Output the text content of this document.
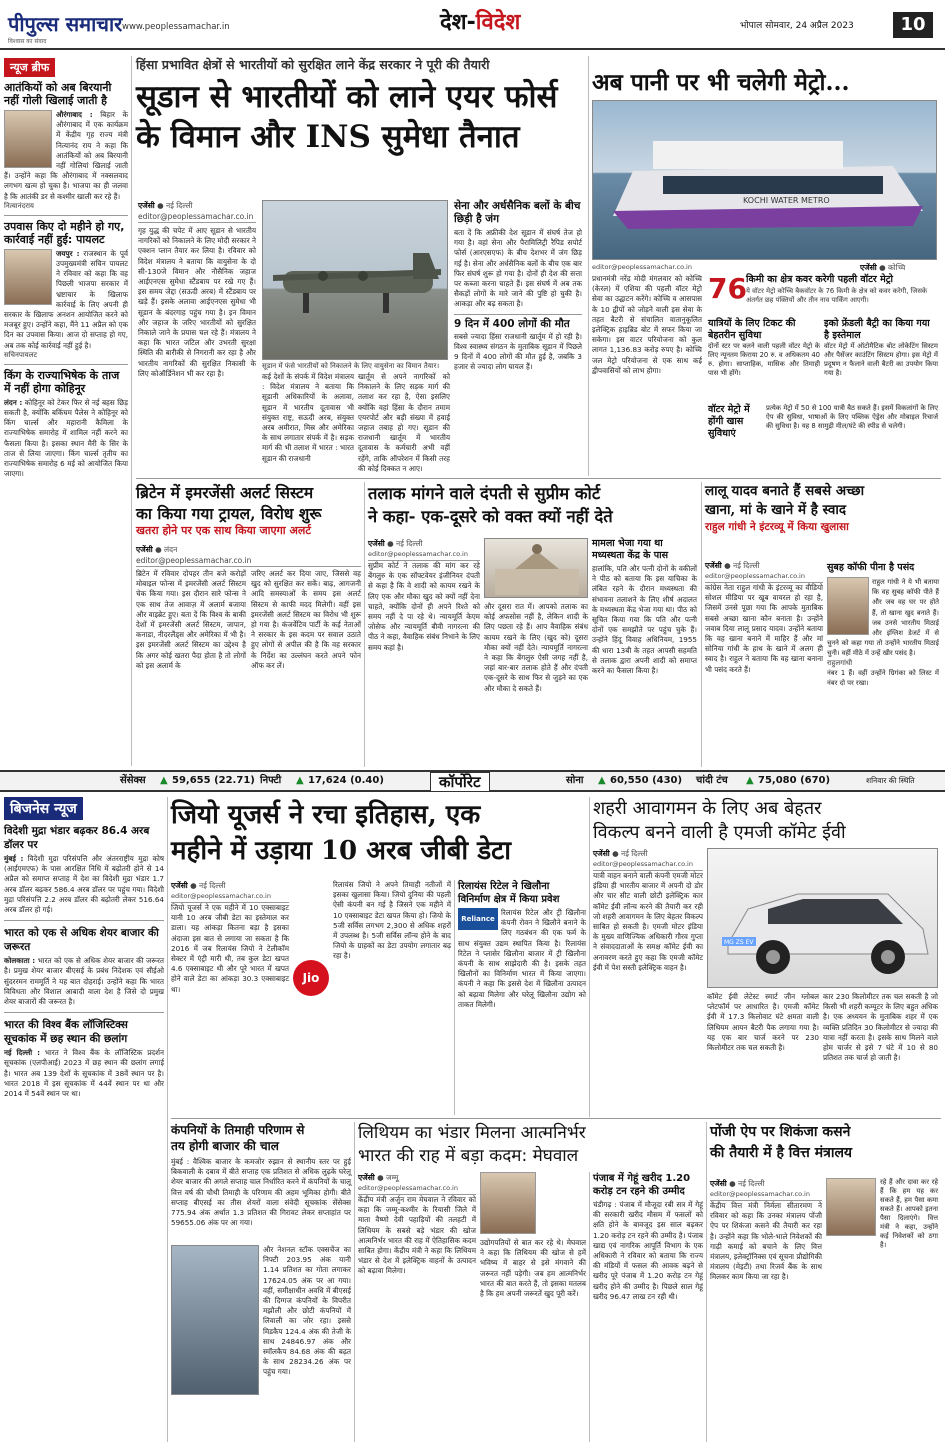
पीपुल्स समाचार
विश्वास का संवाद
www.peoplessamachar.in	देश-विदेश	भोपाल सोमवार, 24 अप्रैल 2023	10
न्यूज ब्रीफ
आतंकियों को अब बिरयानी नहीं गोली खिलाई जाती है
औरंगाबाद : बिहार के औरंगाबाद में एक कार्यक्रम में केंद्रीय गृह राज्य मंत्री नित्यानंद राय ने कहा कि आतंकियों को अब बिरयानी नहीं गोलियां खिलाई जाती हैं। उन्होंने कहा कि औरंगाबाद में नक्सलवाद लगभग खत्म हो चुका है। भाजपा का ही जलवा है कि आतंकी डर से कश्मीर खाली कर रहे हैं।
नित्यानंदराय
उपवास किए दो महीने हो गए, कार्रवाई नहीं हुई: पायलट
जयपुर : राजस्थान के पूर्व उपमुख्यमंत्री सचिन पायलट ने रविवार को कहा कि वह पिछली भाजपा सरकार में भ्रष्टाचार के खिलाफ कार्रवाई के लिए अपनी ही सरकार के खिलाफ अनशन आयोजित करने को मजबूर हुए। उन्होंने कहा, मैंने 11 अप्रैल को एक दिन का उपवास किया। आज दो सप्ताह हो गए, अब तक कोई कार्रवाई नहीं हुई है।
सचिनपायलट
किंग के राज्याभिषेक के ताज में नहीं होगा कोहिनूर
लंदन : कोहिनूर को टेकर फिर से नई बहस छिड़ सकती है, क्योंकि बकिंघम पैलेस ने कोहिनूर को किंग चार्ल्स और महारानी कैमिला के राज्याभिषेक समारोह में शामिल नहीं करने का फैसला किया है। इसका स्थान मैरी के सिर के ताज से लिया जाएगा। किंग चार्ल्स तृतीय का राज्याभिषेक समारोह 6 मई को आयोजित किया जाएगा।
हिंसा प्रभावित क्षेत्रों से भारतीयों को सुरक्षित लाने केंद्र सरकार ने पूरी की तैयारी
सूडान से भारतीयों को लाने एयर फोर्स
के विमान और INS सुमेधा तैनात
एजेंसी ● नई दिल्ली
editor@peoplessamachar.co.in
गृह युद्ध की चपेट में आए सूडान से भारतीय नागरिकों को निकालने के लिए मोदी सरकार ने एक्शन प्लान तैयार कर लिया है। रविवार को विदेश मंत्रालय ने बताया कि वायुसेना के दो सी-130जे विमान और नौसैनिक जहाज आईएनएस सुमेधा स्टैंडबाय पर रखे गए हैं। इस समय जेद्दा (सऊदी अरब) में स्टैंडबाय पर खड़े हैं। इसके अलावा आईएनएस सुमेधा भी सूडान के बंदरगाह पहुंच गया है। इन विमान और जहाज के जरिए भारतीयों को सुरक्षित निकाले जाने के प्रयास चल रहे हैं। मंत्रालय ने कहा कि भारत जटिल और उभरती सुरक्षा स्थिति की बारीकी से निगरानी कर रहा है और भारतीय नागरिकों की सुरक्षित निकासी के लिए कोऑर्डिनेशन भी कर रहा है।
सूडान में फंसे भारतीयों को निकालने के लिए वायुसेना का विमान तैयार।
कई देशों के संपर्क में विदेश मंत्रालय : विदेश मंत्रालय ने बताया कि सूडानी अधिकारियों के अलावा, सूडान में भारतीय दूतावास भी संयुक्त राष्ट्र, सऊदी अरब, संयुक्त अरब अमीरात, मिस्र और अमेरिका के साथ लगातार संपर्क में है। सड़क मार्ग की भी तलाश में भारत : भारत सूडान की राजधानी
खार्तूम से अपने नागरिकों को निकालने के लिए सड़क मार्ग की तलाश कर रहा है, ऐसा इसलिए क्योंकि वहां हिंसा के दौरान तमाम एयरपोर्ट और बड़ी संख्या में हवाई जहाज तबाह हो गए। सूडान की राजधानी खार्तूम में भारतीय दूतावास के कर्मचारी अभी वहीं रहेंगे, ताकि ऑपरेशन में किसी तरह की कोई दिक्कत न आए।
सेना और अर्धसैनिक बलों के बीच छिड़ी है जंग
बता दें कि अफ्रीकी देश सूडान में संघर्ष तेज हो गया है। वहां सेना और पैरामिलिट्री रैपिड सपोर्ट फोर्स (आरएसएफ) के बीच देशभर में जंग छिड़ गई है। सेना और अर्धसैनिक बलों के बीच एक बार फिर संघर्ष शुरू हो गया है। दोनों ही देश की सत्ता पर कब्जा करना चाहते हैं। इस संघर्ष में अब तक सैकड़ों लोगों के मारे जाने की पुष्टि हो चुकी है। आकड़ा और बढ़ सकता है।
9 दिन में 400 लोगों की मौत
सबसे ज्यादा हिंसा राजधानी खार्तूम में हो रही है। विश्व स्वास्थ्य संगठन के मुताबिक सूडान में पिछले 9 दिनों में 400 लोगों की मौत हुई है, जबकि 3 हजार से ज्यादा लोग घायल हैं।
अब पानी पर भी चलेगी मेट्रो...
KOCHI WATER METRO
editor@peoplessamachar.co.in	एजेंसी ● कोच्चि
प्रधानमंत्री नरेंद्र मोदी मंगलवार को कोच्चि (केरल) में एशिया की पहली वॉटर मेट्रो सेवा का उद्घाटन करेंगे। कोच्चि व आसपास के 10 द्वीपों को जोड़ने वाली इस सेवा के तहत बैटरी से संचालित वातानुकूलित इलेक्ट्रिक हाइब्रिड बोट में सफर किया जा सकेगा। इस वाटर परियोजना को कुल लागत 1,136.83 करोड़ रुपए है। कोच्चि जल मेट्रो परियोजना से एक साथ कई द्वीपवासियों को लाभ होगा।
76 किमी का क्षेत्र कवर करेगी पहली वॉटर मेट्रो
ये वॉटर मेट्रो कोच्चि बैकवॉटर के 76 किमी के क्षेत्र को कवर करेगी, जिसके अंतर्गत छह पंक्तियों और तीन नाव पार्किंग आएगी।
यात्रियों के लिए टिकट की बेहतरीन सुविधा
दोनों स्टर पर बलने वाली पहली वॉटर मेट्रो के लिए न्यूनतम किराया 20 रु. व अधिकतम 40 रु. होगा। साप्ताहिक, मासिक और तिमाही पास भी होंगे।
इको फ्रेंडली बैट्री का किया गया है इस्तेमाल
वॉटर मेट्रो में ऑटोमैटिक बोट लोकेटिंग सिस्टम और पैसेंजर काउंटिंग सिस्टम होगा। इस मेट्रो में प्रदूषण न फैलाने वाली बैटरी का उपयोग किया गया है।
वॉटर मेट्रो में होंगी खास सुविधाएं
प्रत्येक मेट्रो में 50 से 100 यात्री बैठ सकते हैं। इसमें विकलांगों के लिए ऐप की सुविधा, भाषाओं के लिए पब्लिक ऐड्रेस और मोबाइल रिचार्ज की सुविधा है। यह 8 सामुद्री मील/घंटे की स्पीड से चलेगी।
ब्रिटेन में इमरजेंसी अलर्ट सिस्टम
का किया गया ट्रायल, विरोध शुरू
खतरा होने पर एक साथ किया जाएगा अलर्ट
एजेंसी ● लंदन
editor@peoplessamachar.co.in
ब्रिटेन में रविवार दोपहर तीन बजे करोड़ों मोबाइल फोन्स में इमरजेंसी अलर्ट सिस्टम चेक किया गया। इस दौरान सारे फोन्स ने एक साथ तेज आवाज़ में अलार्म बजाया और वाइब्रेट हुए। बता दें कि विश्व के बाकी देशों में इमरजेंसी अलर्ट सिस्टम, जापान, कनाडा, नीदरलैंड्स और अमेरिका में भी है। इस इमरजेंसी अलर्ट सिस्टम का उद्देश्य है कि अगर कोई खतरा पैदा होता है तो लोगों को इस अलार्म के
जरिए अलर्ट कर दिया जाए, जिससे वह खुद को सुरक्षित कर सकें। बाढ़, आगजनी आदि समस्याओं के समय इस अलर्ट सिस्टम से काफी मदद मिलेगी। वहीं इस इमरजेंसी अलर्ट सिस्टम का विरोध भी शुरू हो गया है। कंजर्वेटिव पार्टी के कई नेताओं ने सरकार के इस कदम पर सवाल उठाते हुए लोगों से अपील की है कि वह सरकार के निर्देश का उल्लंघन करते अपने फोन ऑफ कर लें।
तलाक मांगने वाले दंपती से सुप्रीम कोर्ट
ने कहा- एक-दूसरे को वक्त क्यों नहीं देते
एजेंसी ● नई दिल्ली
editor@peoplessamachar.co.in
सुप्रीम कोर्ट ने तलाक की मांग कर रहे बेंगलुरु के एक सॉफ्टवेयर इंजीनियर दंपती से कहा है कि वे शादी को कायम रखने के लिए एक और मौका खुद को क्यों नहीं देना चाहते, क्योंकि दोनों ही अपने रिश्ते को समय नहीं दे पा रहे थे। न्यायमूर्ति केएम जोसेफ और न्यायमूर्ति बीवी नागरत्ना की पीठ ने कहा, वैवाहिक संबंध निभाने के लिए समय कहां है।
और दूसरा रात में। आपको तलाक का कोई अफसोस नहीं है, लेकिन शादी के लिए पछता रहे हैं। आप वैवाहिक संबंध कायम रखने के लिए (खुद को) दूसरा मौका क्यों नहीं देते। न्यायमूर्ति नागरत्ना ने कहा कि बेंगलुरु ऐसी जगह नहीं है, जहां बार-बार तलाक होते हैं और दंपती एक-दूसरे के साथ फिर से जुड़ने का एक और मौका दे सकते हैं।
मामला भेजा गया था
मध्यस्थता केंद्र के पास
हालांकि, पति और पत्नी दोनों के वकीलों ने पीठ को बताया कि इस याचिका के लंबित रहने के दौरान मध्यस्थता की संभावना तलाशने के लिए शीर्ष अदालत के मध्यस्थता केंद्र भेजा गया था। पीठ को सूचित किया गया कि पति और पत्नी दोनों एक समझौते पर पहुंच चुके हैं। उन्होंने हिंदू विवाह अधिनियम, 1955 की धारा 13बी के तहत आपसी सहमति से तलाक द्वारा अपनी शादी को समाप्त करने का फैसला किया है।
लालू यादव बनाते हैं सबसे अच्छा
खाना, मां के खाने में है स्वाद
राहुल गांधी ने इंटरव्यू में किया खुलासा
एजेंसी ● नई दिल्ली
editor@peoplessamachar.co.in
कांग्रेस नेता राहुल गांधी के इंटरव्यू का वीडियो सोशल मीडिया पर खूब वायरल हो रहा है, जिसमें उनसे पूछा गया कि आपके मुताबिक सबसे अच्छा खाना कौन बनाता है। उन्होंने जवाब दिया लालू प्रसाद यादव। उन्होंने बताया कि वह खाना बनाने में माहिर हैं और मां सोनिया गांधी के हाथ के खाने में अलग ही स्वाद है। राहुल ने बताया कि वह खाना बनाना भी पसंद करते हैं।
सुबह कॉफी पीना है पसंद
राहुल गांधी ने ये भी बताया कि वह सुबह कॉफी पीते हैं और जब वह घर पर होते हैं, तो खाना खुद बनाते हैं। जब उनसे भारतीय मिठाई और इंग्लिश डेजर्ट में से चुनने को कहा गया तो उन्होंने भारतीय मिठाई चुनी। वहीं मीठे में उन्हें खीर पसंद है।
राहुलगांधी
नंबर 1 हैं। वहीं उन्होंने ग्रिगंका को लिस्ट में नंबर दो पर रखा।
सेंसेक्स ▲ 59,655 (22.71) निफ्टी ▲ 17,624 (0.40)	कॉर्पोरेट	सोना ▲ 60,550 (430) चांदी टंच ▲ 75,080 (670)	शनिवार की स्थिति
बिजनेस न्यूज
विदेशी मुद्रा भंडार बढ़कर 86.4 अरब डॉलर पर
मुंबई : विदेशी मुद्रा परिसंपत्ति और अंतरराष्ट्रीय मुद्रा कोष (आईएमएफ) के पास आरक्षित निधि में बढ़ोतरी होने से 14 अप्रैल को समाप्त सप्ताह में देश का विदेशी मुद्रा भंडार 1.7 अरब डॉलर बढ़कर 586.4 अरब डॉलर पर पहुंच गया। विदेशी मुद्रा परिसंपत्ति 2.2 अरब डॉलर की बढ़ोतरी लेकर 516.64 अरब डॉलर हो गई।
भारत को एक से अधिक शेयर बाजार की जरूरत
कोलकाता : भारत को एक से अधिक शेयर बाजार की जरूरत है। प्रमुख शेयर बाजार बीएसई के प्रबंध निदेशक एवं सीईओ सुंदररमन राममूर्ति ने यह बात दोहराई। उन्होंने कहा कि भारत विविधता और विशाल आबादी वाला देश है जिसे दो प्रमुख शेयर बाजारों की जरूरत है।
भारत की विश्व बैंक लॉजिस्टिक्स सूचकांक में छह स्थान की छलांग
नई दिल्ली : भारत ने विश्व बैंक के लॉजिस्टिक प्रदर्शन सूचकांक (एलपीआई) 2023 में छह स्थान की छलांग लगाई है। भारत अब 139 देशों के सूचकांक में 38वें स्थान पर है। भारत 2018 में इस सूचकांक में 44वें स्थान पर था और 2014 में 54वें स्थान पर था।
जियो यूजर्स ने रचा इतिहास, एक
महीने में उड़ाया 10 अरब जीबी डेटा
एजेंसी ● नई दिल्ली
editor@peoplessamachar.co.in
जियो यूजर्स ने एक महीने में 10 एक्साबाइट यानी 10 अरब जीबी डेटा का इस्तेमाल कर डाला। यह आंकड़ा कितना बड़ा है इसका अंदाजा इस बात से लगाया जा सकता है कि 2016 में जब रिलायंस जियो ने टेलीकॉम सेक्टर में एंट्री मारी थी, तब कुल डेटा खपत 4.6 एक्साबाइट थी और पूरे भारत में खपत होने वाले डेटा का आंकड़ा 30.3 एक्साबाइट था।
Jio
रिलायंस जियो ने अपने तिमाही नतीजों में इसका खुलासा किया। जियो दुनिया की पहली ऐसी कंपनी बन गई है जिसने एक महीने में 10 एक्साबाइट डेटा खपत किया हो। जियो के 5जी सर्विस लगभग 2,300 से अधिक शहरों में उपलब्ध है। 5जी सर्विस लाॅन्च होने के बाद जियो के ग्राहकों का डेटा उपयोग लगातार बढ़ रहा है।
रिलायंस रिटेल ने खिलौना
विनिर्माण क्षेत्र में किया प्रवेश
Reliance
रिलायंस रिटेल और ट्री खिलौना कंपनी रोवन ने खिलौने बनाने के लिए गठबंधन की एक फर्म के साथ संयुक्त उद्यम स्थापित किया है। रिलायंस रिटेल ने प्लासेर खिलौना बाजार में ट्री खिलौना कंपनी के साथ साझेदारी की है। इसके तहत खिलौनों का विनिर्माण भारत में किया जाएगा। कंपनी ने कहा कि इससे देश में खिलौना उत्पादन को बढ़ावा मिलेगा और घरेलू खिलौना उद्योग को ताकत मिलेगी।
शहरी आवागमन के लिए अब बेहतर
विकल्प बनने वाली है एमजी कॉमेट ईवी
एजेंसी ● नई दिल्ली
editor@peoplessamachar.co.in
यात्री वाहन बनाने वाली कंपनी एमजी मोटर इंडिया ही भारतीय बाजार में अपनी दो डोर और चार सीट वाली छोटी इलेक्ट्रिक कार कॉमेट ईवी लॉन्च करने की तैयारी कर रही जो शहरी आवागमन के लिए बेहतर विकल्प साबित हो सकती है। एमजी मोटर इंडिया के मुख्य वाणिज्यिक अधिकारी गौरव गुप्ता ने संवाददाताओं के समक्ष कॉमेट ईवी का अनावरण करते हुए कहा कि एमजी कॉमेट ईवी में पेश सस्ती इलेक्ट्रिक वाहन है।
MG ZS EV
कॉमेट ईवी लेटेस्ट स्मार्ट जीन ग्लोबल प्लेटफॉर्म पर आधारित है। एमजी कॉमेट ईवी में 17.3 किलोवाट घंटे क्षमता वाली लिथियम आयन बैटरी पैक लगाया गया है। यह एक बार चार्ज करने पर 230 किलोमीटर तक चल सकती है।
कार 230 किलोमीटर तक चल सकती है जो किसी भी शहरी कम्यूटर के लिए बहुत अधिक है। एक अध्ययन के मुताबिक शहर में एक व्यक्ति प्रतिदिन 30 किलोमीटर से ज्यादा की यात्रा नहीं करता है। इसके साथ मिलने वाले होम चार्जर से इसे 7 घंटे में 10 से 80 प्रतिशत तक चार्ज हो जाती है।
कंपनियों के तिमाही परिणाम से
तय होगी बाजार की चाल
मुंबई : वैश्विक बाजार के कमजोर रुझान से स्थानीय स्तर पर हुई बिकवाली के दबाव में बीते सप्ताह एक प्रतिशत से अधिक लुढ़के घरेलू शेयर बाजार की अगले सप्ताह चाल निर्धारित करने में कंपनियों के चालू वित्त वर्ष की चौथी तिमाही के परिणाम की अहम भूमिका होगी। बीते सप्ताह बीएसई का तीस शेयरों वाला संवेदी सूचकांक सेंसेक्स 775.94 अंक अर्थात 1.3 प्रतिशत की गिरावट लेकर सप्ताहांत पर 59655.06 अंक पर आ गया।
और नेशनल स्टॉक एक्सचेंज का निफ्टी 203.95 अंक यानी 1.14 प्रतिशत का गोता लगाकर 17624.05 अंक पर आ गया। वहीं, समीक्षाधीन अवधि में बीएसई की दिग्गज कंपनियों के विपरीत मझौली और छोटी कंपनियों में लिवाली का जोर रहा। इससे मिडकैप 124.4 अंक की तेजी के साथ 24846.97 अंक और स्मॉलकैप 84.68 अंक की बढ़त के साथ 28234.26 अंक पर पहुंच गया।
लिथियम का भंडार मिलना आत्मनिर्भर
भारत की राह में बड़ा कदम: मेघवाल
एजेंसी ● जम्मू
editor@peoplessamachar.co.in
केंद्रीय मंत्री अर्जुन राम मेघवाल ने रविवार को कहा कि जम्मू-कश्मीर के रियासी जिले में माता वैष्णो देवी पहाड़ियों की तलहटी में लिथियम के सबसे बड़े भंडार की खोज आत्मनिर्भर भारत की राह में ऐतिहासिक कदम साबित होगा। केंद्रीय मंत्री ने कहा कि लिथियम भंडार से देश में इलेक्ट्रिक वाहनों के उत्पादन को बढ़ावा मिलेगा।
उद्योगपतियों से बात कर रहे थे। मेघवाल ने कहा कि लिथियम की खोज से हमें भविष्य में बाहर से इसे मंगवाने की जरूरत नहीं पड़ेगी। जब हम आत्मनिर्भर भारत की बात करते हैं, तो इसका मतलब है कि हम अपनी जरूरतें खुद पूरी करें।
पंजाब में गेहूं खरीद 1.20
करोड़ टन रहने की उम्मीद
चंडीगढ़ : पंजाब में मौजूदा रबी सत्र में गेहूं की सरकारी खरीद मौसम में फसलों को क्षति होने के बावजूद इस साल बढ़कर 1.20 करोड़ टन रहने की उम्मीद है। पंजाब खाद्य एवं नागरिक आपूर्ति विभाग के एक अधिकारी ने रविवार को बताया कि राज्य की मंडियों में फसल की आवक बढ़ने से खरीद पूरे पंजाब में 1.20 करोड़ टन गेहूं खरीद होने की उम्मीद है। पिछले साल गेहूं खरीद 96.47 लाख टन रही थी।
पोंजी ऐप पर शिकंजा कसने
की तैयारी में है वित्त मंत्रालय
एजेंसी ● नई दिल्ली
editor@peoplessamachar.co.in
केंद्रीय वित्त मंत्री निर्मला सीतारमण ने रविवार को कहा कि उनका मंत्रालय पोंजी ऐप पर शिकंजा कसने की तैयारी कर रहा है। उन्होंने कहा कि भोले-भाले निवेशकों की गाढ़ी कमाई को बचाने के लिए वित्त मंत्रालय, इलेक्ट्रॉनिक्स एवं सूचना प्रौद्योगिकी मंत्रालय (मेइटी) तथा रिजर्व बैंक के साथ मिलकर काम किया जा रहा है।
रहे हैं और दावा कर रहे हैं कि हम यह कर सकते हैं, हम पैसा कमा सकते हैं। आपको इतना पैसा दिलाएंगे। वित्त मंत्री ने कहा, उन्होंने कई निवेशकों को ठगा है।
